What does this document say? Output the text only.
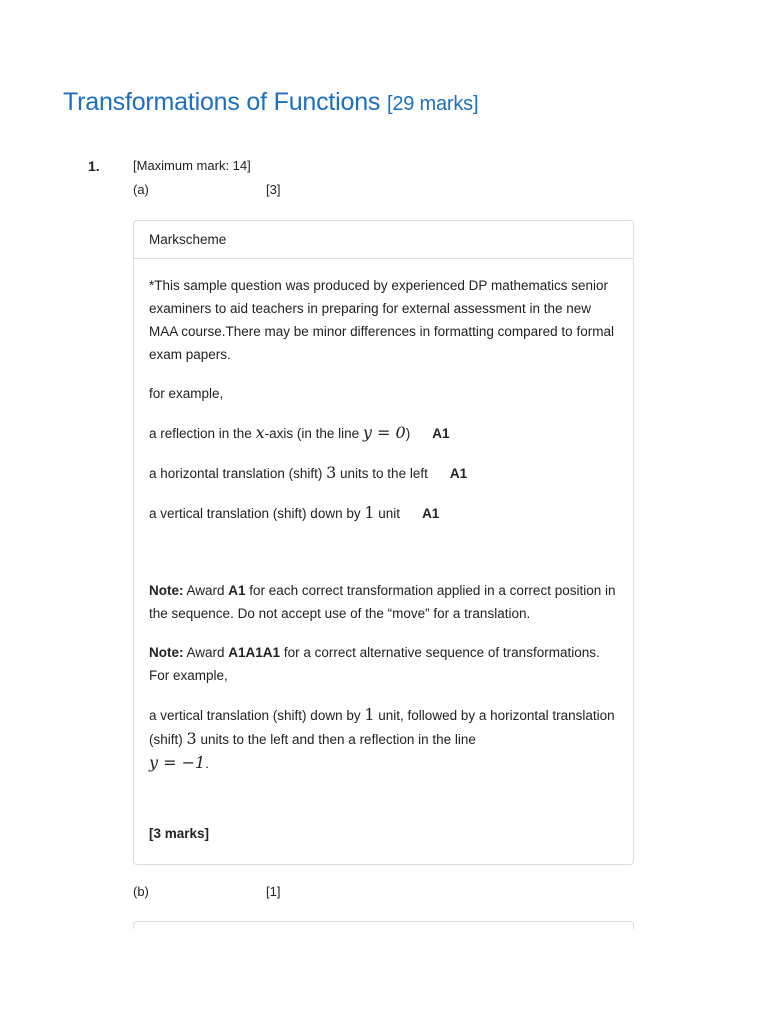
Transformations of Functions [29 marks]
1.	[Maximum mark: 14]
(a)	[3]
Markscheme

*This sample question was produced by experienced DP mathematics senior examiners to aid teachers in preparing for external assessment in the new MAA course.There may be minor differences in formatting compared to formal exam papers.

for example,

a reflection in the x-axis (in the line y = 0) A1

a horizontal translation (shift) 3 units to the left A1

a vertical translation (shift) down by 1 unit A1

Note: Award A1 for each correct transformation applied in a correct position in the sequence. Do not accept use of the “move” for a translation.

Note: Award A1A1A1 for a correct alternative sequence of transformations. For example,

a vertical translation (shift) down by 1 unit, followed by a horizontal translation (shift) 3 units to the left and then a reflection in the line
y = −1.

[3 marks]

(b)	[1]
